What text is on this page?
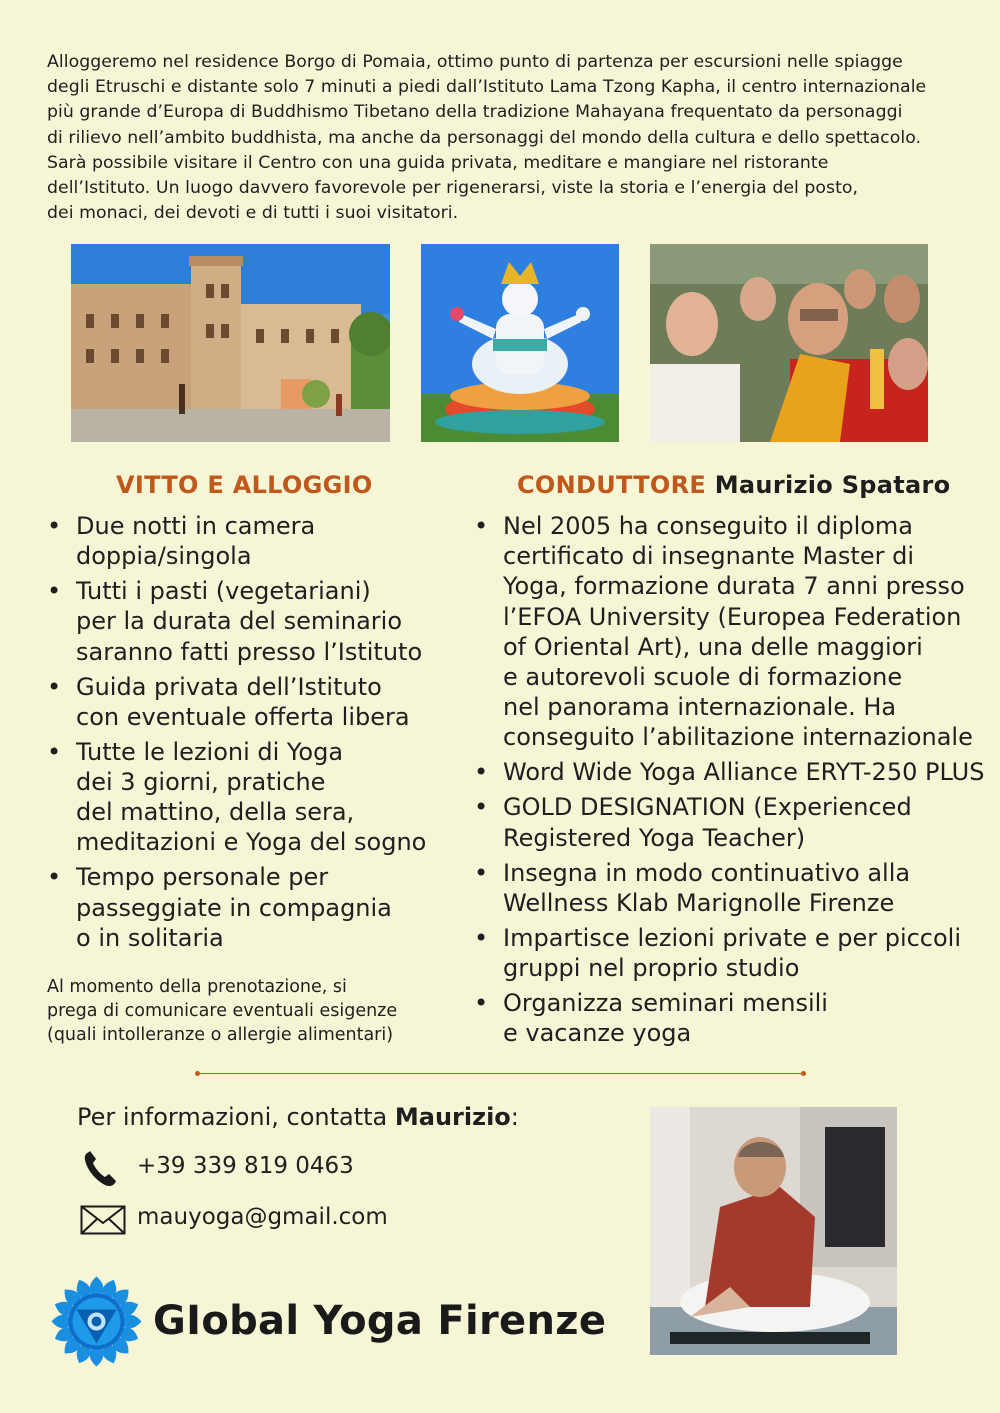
Alloggeremo nel residence Borgo di Pomaia, ottimo punto di partenza per escursioni nelle spiagge
degli Etruschi e distante solo 7 minuti a piedi dall’Istituto Lama Tzong Kapha, il centro internazionale
più grande d’Europa di Buddhismo Tibetano della tradizione Mahayana frequentato da personaggi
di rilievo nell’ambito buddhista, ma anche da personaggi del mondo della cultura e dello spettacolo.
Sarà possibile visitare il Centro con una guida privata, meditare e mangiare nel ristorante
dell’Istituto. Un luogo davvero favorevole per rigenerarsi, viste la storia e l’energia del posto,
dei monaci, dei devoti e di tutti i suoi visitatori.

VITTO E ALLOGGIO
• Due notti in camera
doppia/singola
• Tutti i pasti (vegetariani)
per la durata del seminario
saranno fatti presso l’Istituto
• Guida privata dell’Istituto
con eventuale offerta libera
• Tutte le lezioni di Yoga
dei 3 giorni, pratiche
del mattino, della sera,
meditazioni e Yoga del sogno
• Tempo personale per
passeggiate in compagnia
o in solitaria

Al momento della prenotazione, si
prega di comunicare eventuali esigenze
(quali intolleranze o allergie alimentari)

CONDUTTORE Maurizio Spataro
• Nel 2005 ha conseguito il diploma
certificato di insegnante Master di
Yoga, formazione durata 7 anni presso
l’EFOA University (Europea Federation
of Oriental Art), una delle maggiori
e autorevoli scuole di formazione
nel panorama internazionale. Ha
conseguito l’abilitazione internazionale
• Word Wide Yoga Alliance ERYT-250 PLUS
• GOLD DESIGNATION (Experienced
Registered Yoga Teacher)
• Insegna in modo continuativo alla
Wellness Klab Marignolle Firenze
• Impartisce lezioni private e per piccoli
gruppi nel proprio studio
• Organizza seminari mensili
e vacanze yoga
Per informazioni, contatta Maurizio:
+39 339 819 0463
mauyoga@gmail.com
GIobal Yoga Firenze
